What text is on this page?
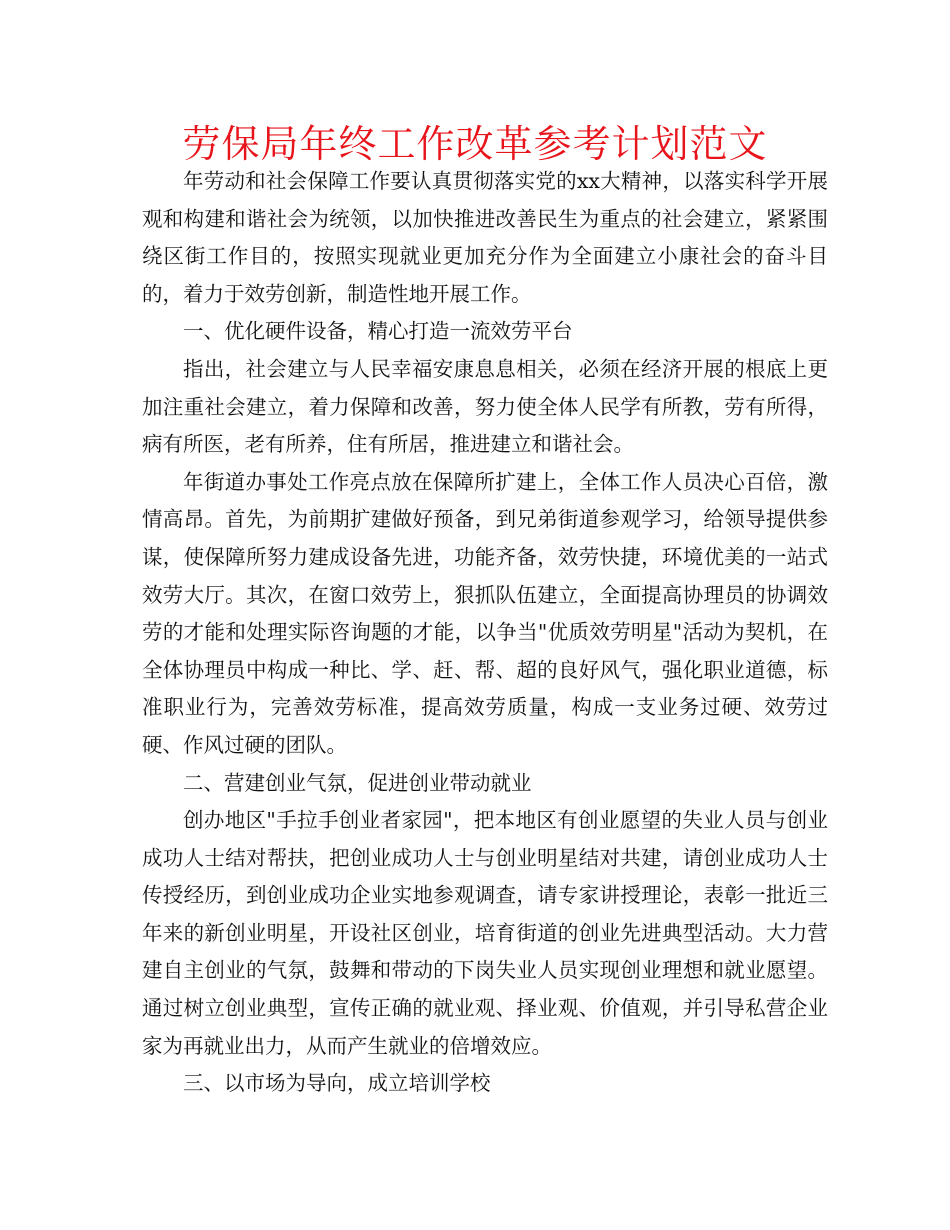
劳保局年终工作改革参考计划范文

年劳动和社会保障工作要认真贯彻落实党的xx大精神，以落实科学开展观和构建和谐社会为统领，以加快推进改善民生为重点的社会建立，紧紧围绕区街工作目的，按照实现就业更加充分作为全面建立小康社会的奋斗目的，着力于效劳创新，制造性地开展工作。

一、优化硬件设备，精心打造一流效劳平台

指出，社会建立与人民幸福安康息息相关，必须在经济开展的根底上更加注重社会建立，着力保障和改善，努力使全体人民学有所教，劳有所得，病有所医，老有所养，住有所居，推进建立和谐社会。

年街道办事处工作亮点放在保障所扩建上，全体工作人员决心百倍，激情高昂。首先，为前期扩建做好预备，到兄弟街道参观学习，给领导提供参谋，使保障所努力建成设备先进，功能齐备，效劳快捷，环境优美的一站式效劳大厅。其次，在窗口效劳上，狠抓队伍建立，全面提高协理员的协调效劳的才能和处理实际咨询题的才能，以争当"优质效劳明星"活动为契机，在全体协理员中构成一种比、学、赶、帮、超的良好风气，强化职业道德，标准职业行为，完善效劳标准，提高效劳质量，构成一支业务过硬、效劳过硬、作风过硬的团队。

二、营建创业气氛，促进创业带动就业

创办地区"手拉手创业者家园"，把本地区有创业愿望的失业人员与创业成功人士结对帮扶，把创业成功人士与创业明星结对共建，请创业成功人士传授经历，到创业成功企业实地参观调查，请专家讲授理论，表彰一批近三年来的新创业明星，开设社区创业，培育街道的创业先进典型活动。大力营建自主创业的气氛，鼓舞和带动的下岗失业人员实现创业理想和就业愿望。通过树立创业典型，宣传正确的就业观、择业观、价值观，并引导私营企业家为再就业出力，从而产生就业的倍增效应。

三、以市场为导向，成立培训学校
